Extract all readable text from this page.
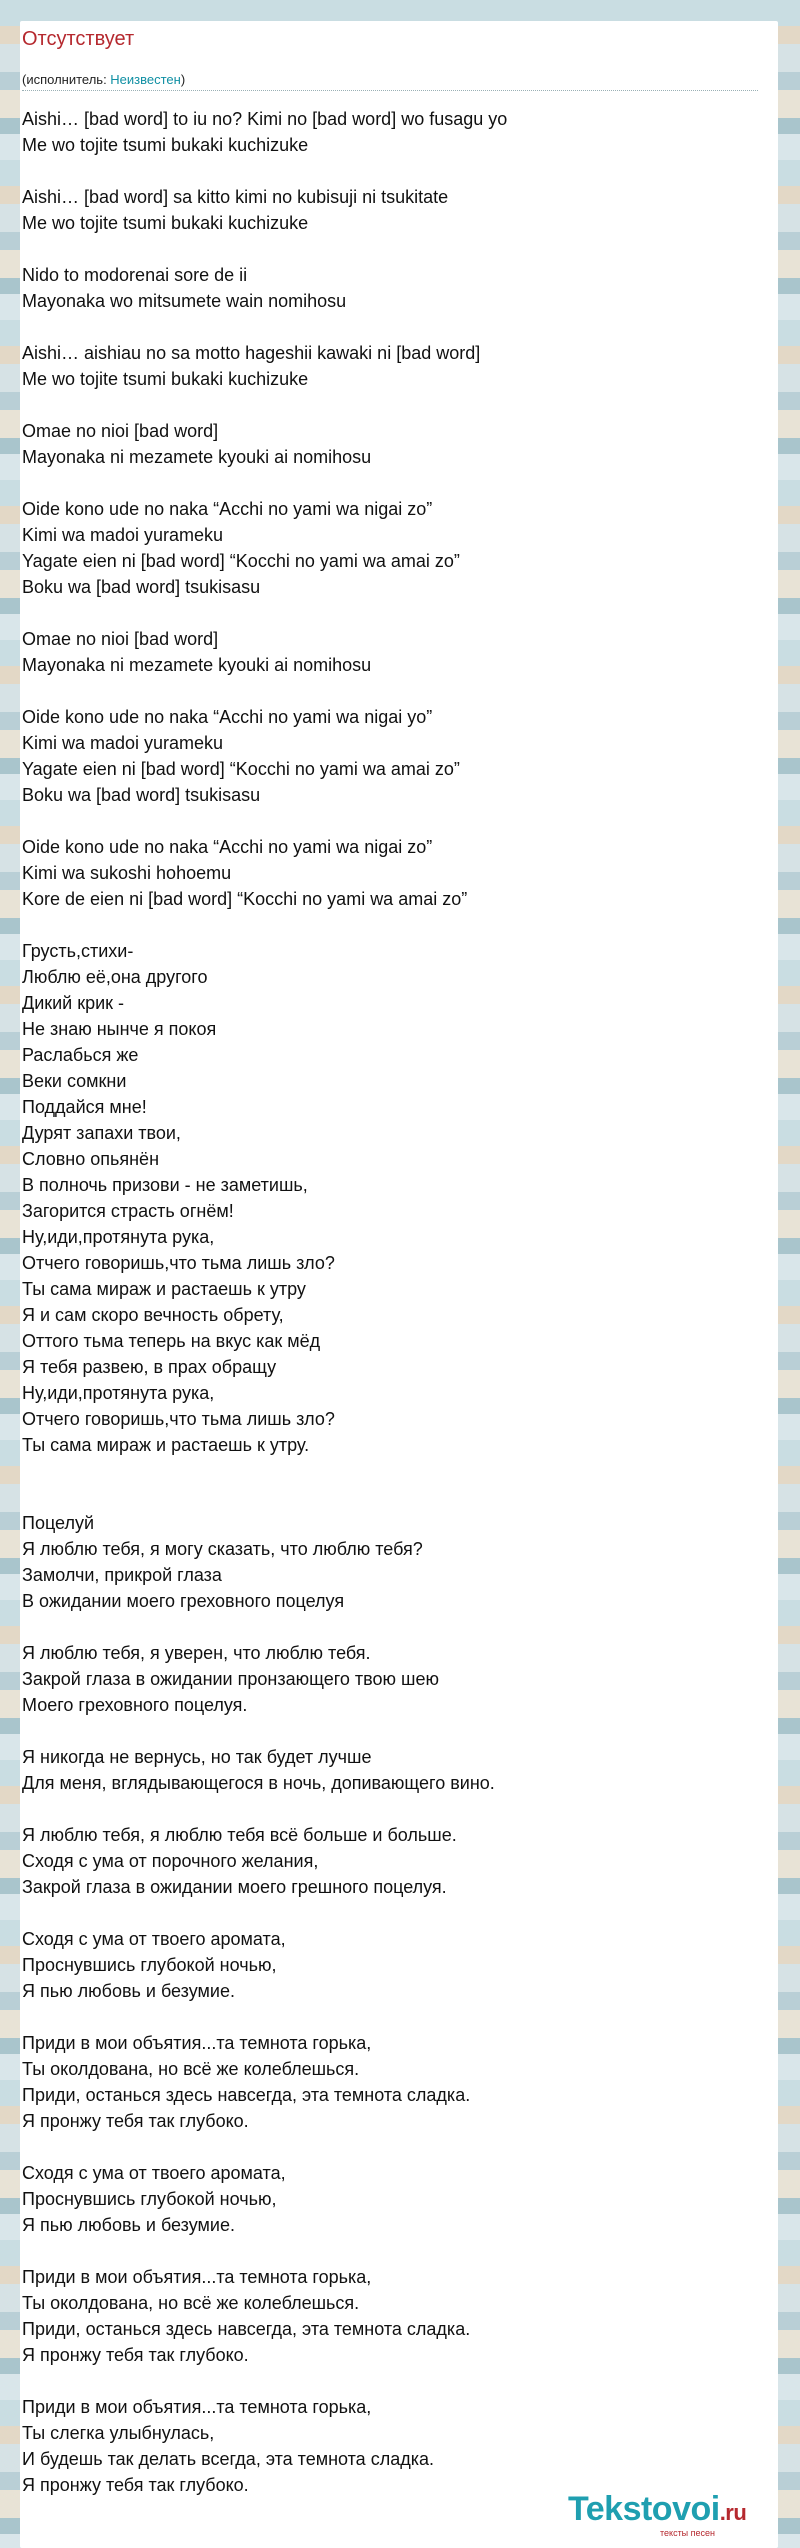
Отсутствует
(исполнитель: Неизвестен)
Aishi… [bad word] to iu no? Kimi no [bad word] wo fusagu yo
Me wo tojite tsumi bukaki kuchizuke
Aishi… [bad word] sa kitto kimi no kubisuji ni tsukitate
Me wo tojite tsumi bukaki kuchizuke
Nido to modorenai sore de ii
Mayonaka wo mitsumete wain nomihosu
Aishi… aishiau no sa motto hageshii kawaki ni [bad word]
Me wo tojite tsumi bukaki kuchizuke
Omae no nioi [bad word]
Mayonaka ni mezamete kyouki ai nomihosu
Oide kono ude no naka “Acchi no yami wa nigai zo”
Kimi wa madoi yurameku
Yagate eien ni [bad word] “Kocchi no yami wa amai zo”
Boku wa [bad word] tsukisasu
Omae no nioi [bad word]
Mayonaka ni mezamete kyouki ai nomihosu
Oide kono ude no naka “Acchi no yami wa nigai yo”
Kimi wa madoi yurameku
Yagate eien ni [bad word] “Kocchi no yami wa amai zo”
Boku wa [bad word] tsukisasu
Oide kono ude no naka “Acchi no yami wa nigai zo”
Kimi wa sukoshi hohoemu
Kore de eien ni [bad word] “Kocchi no yami wa amai zo”
Грусть,стихи-
Люблю её,она другого
Дикий крик -
Не знаю нынче я покоя
Раслабься же
Веки сомкни
Поддайся мне!
Дурят запахи твои,
Словно опьянён
В полночь призови - не заметишь,
Загорится страсть огнём!
Ну,иди,протянута рука,
Отчего говоришь,что тьма лишь зло?
Ты сама мираж и растаешь к утру
Я и сам скоро вечность обрету,
Оттого тьма теперь на вкус как мёд
Я тебя развею, в прах обращу
Ну,иди,протянута рука,
Отчего говоришь,что тьма лишь зло?
Ты сама мираж и растаешь к утру.
Поцелуй
Я люблю тебя, я могу сказать, что люблю тебя?
Замолчи, прикрой глаза
В ожидании моего греховного поцелуя
Я люблю тебя, я уверен, что люблю тебя.
Закрой глаза в ожидании пронзающего твою шею
Моего греховного поцелуя.
Я никогда не вернусь, но так будет лучше
Для меня, вглядывающегося в ночь, допивающего вино.
Я люблю тебя, я люблю тебя всё больше и больше.
Сходя с ума от порочного желания,
Закрой глаза в ожидании моего грешного поцелуя.
Сходя с ума от твоего аромата,
Проснувшись глубокой ночью,
Я пью любовь и безумие.
Приди в мои объятия...та темнота горька,
Ты околдована, но всё же колеблешься.
Приди, останься здесь навсегда, эта темнота сладка.
Я пронжу тебя так глубоко.
Сходя с ума от твоего аромата,
Проснувшись глубокой ночью,
Я пью любовь и безумие.
Приди в мои объятия...та темнота горька,
Ты околдована, но всё же колеблешься.
Приди, останься здесь навсегда, эта темнота сладка.
Я пронжу тебя так глубоко.
Приди в мои объятия...та темнота горька,
Ты слегка улыбнулась,
И будешь так делать всегда, эта темнота сладка.
Я пронжу тебя так глубоко.
Tekstovoi.ru
тексты песен
